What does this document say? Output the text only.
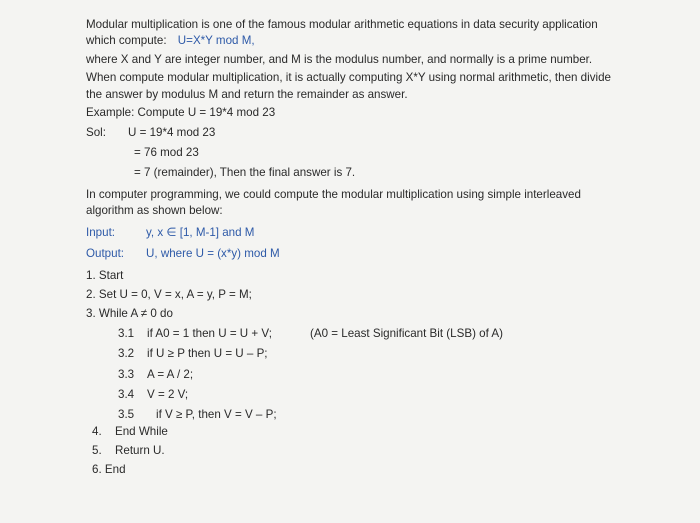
Modular multiplication is one of the famous modular arithmetic equations in data security application
which compute: U=X*Y mod M,
where X and Y are integer number, and M is the modulus number, and normally is a prime number.
When compute modular multiplication, it is actually computing X*Y using normal arithmetic, then divide
the answer by modulus M and return the remainder as answer.
Example: Compute U = 19*4 mod 23
Sol: U = 19*4 mod 23
= 76 mod 23
= 7 (remainder), Then the final answer is 7.
In computer programming, we could compute the modular multiplication using simple interleaved
algorithm as shown below:
Input:	y, x ∈ [1, M-1] and M
Output: U, where U = (x*y) mod M
1. Start
2. Set U = 0, V = x, A = y, P = M;
3. While A ≠ 0 do
3.1 if A0 = 1 then U = U + V;	(A0 = Least Significant Bit (LSB) of A)
3.2 if U ≥ P then U = U – P;
3.3 A = A / 2;
3.4 V = 2 V;
3.5 if V ≥ P, then V = V – P;
4. End While
5. Return U.
6. End
